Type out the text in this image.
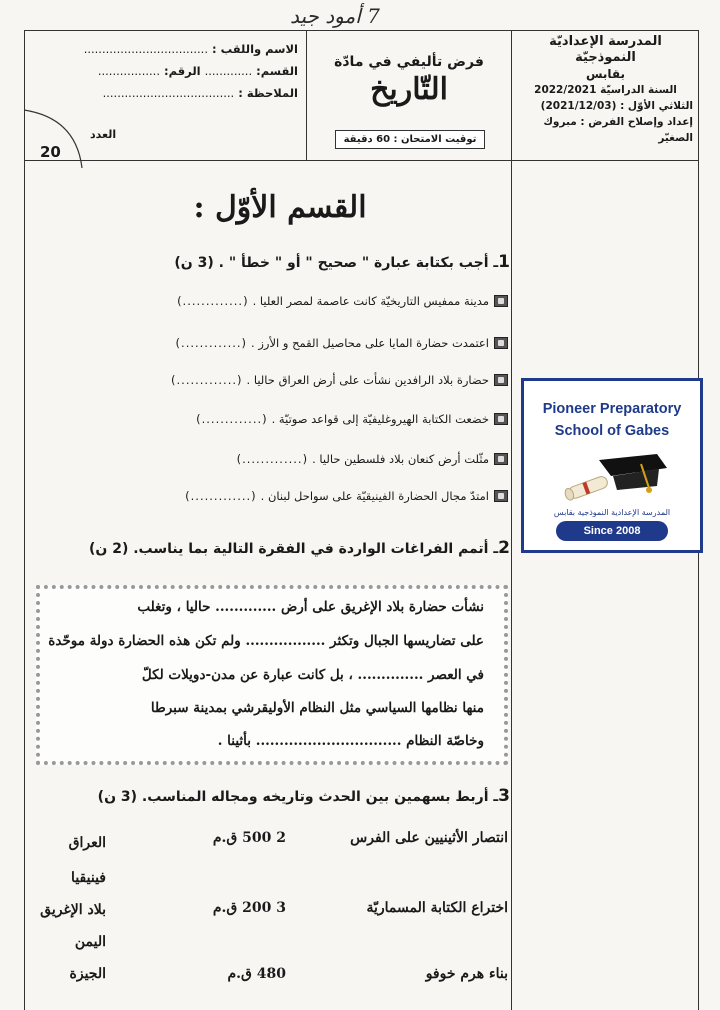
7 أمود جيد
المدرسة الإعداديّة النموذجيّة
بقابس
السنة الدراسيّة 2022/2021
الثلاثي الأوّل : (2021/12/03)
إعداد وإصلاح الفرض : مبروك الصغيّر
فرض تأليفي في مادّة
التّاريخ
توقيت الامتحان : 60 دقيقة
الاسم واللقب : ..................................
القسم: ............. الرقم: .................
الملاحظة : ....................................
العدد
20
القسم الأوّل :
1ـ أجب بكتابة عبارة " صحيح " أو " خطأ " . (3 ن)
مدينة ممفيس التاريخيّة كانت عاصمة لمصر العليا .
(.............)
اعتمدت حضارة المايا على محاصيل القمح و الأرز .
(.............)
حضارة بلاد الرافدين نشأت على أرض العراق حاليا .
(.............)
خضعت الكتابة الهيروغليفيّة إلى قواعد صوتيّة .
(.............)
مثّلت أرض كنعان بلاد فلسطين حاليا .
(.............)
امتدّ مجال الحضارة الفينيقيّة على سواحل لبنان .
(.............)
Pioneer Preparatory
School of Gabes
المدرسة الإعدادية النموذجية بقابس
Since 2008
2ـ أتمم الفراغات الواردة في الفقرة التالية بما يناسب. (2 ن)
نشأت حضارة بلاد الإغريق على أرض ............. حاليا ، وتغلب
على تضاريسها الجبال وتكثر ................. ولم تكن هذه الحضارة دولة موحّدة
في العصر .............. ، بل كانت عبارة عن مدن-دويلات لكلّ
منها نظامها السياسي مثل النظام الأوليقرشي بمدينة سبرطا
وخاصّة النظام ............................... بأثينا .
3ـ أربط بسهمين بين الحدث وتاريخه ومجاله المناسب. (3 ن)
انتصار الأثينيين على الفرس
اختراع الكتابة المسماريّة
بناء هرم خوفو
2 500 ق.م
3 200 ق.م
480 ق.م
العراق
فينيقيا
بلاد الإغريق
اليمن
الجيزة
